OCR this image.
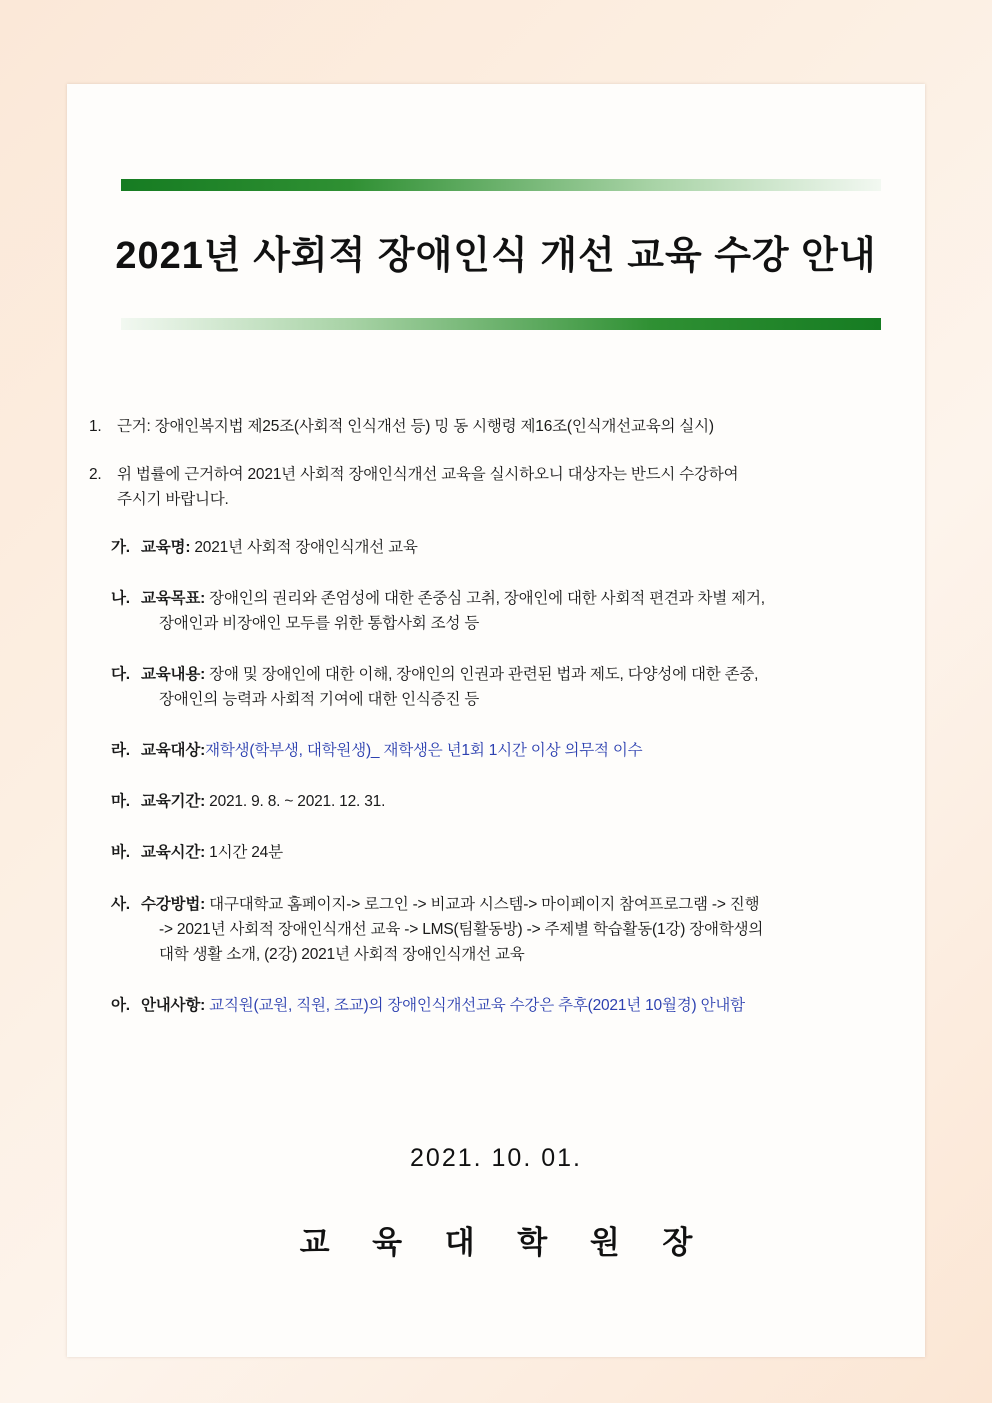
2021년 사회적 장애인식 개선 교육 수강 안내
1. 근거: 장애인복지법 제25조(사회적 인식개선 등) 밍 동 시행령 제16조(인식개선교육의 실시)
2. 위 법률에 근거하여 2021년 사회적 장애인식개선 교육을 실시하오니 대상자는 반드시 수강하여
주시기 바랍니다.
가. 교육명: 2021년 사회적 장애인식개선 교육
나. 교육목표: 장애인의 권리와 존엄성에 대한 존중심 고취, 장애인에 대한 사회적 편견과 차별 제거,
장애인과 비장애인 모두를 위한 통합사회 조성 등
다. 교육내용: 장애 및 장애인에 대한 이해, 장애인의 인권과 관련된 법과 제도, 다양성에 대한 존중,
장애인의 능력과 사회적 기여에 대한 인식증진 등
라. 교육대상:재학생(학부생, 대학원생)_ 재학생은 년1회 1시간 이상 의무적 이수
마. 교육기간: 2021. 9. 8. ~ 2021. 12. 31.
바. 교육시간: 1시간 24분
사. 수강방법: 대구대학교 홈페이지-> 로그인 -> 비교과 시스템-> 마이페이지 참여프로그램 -> 진행
-> 2021년 사회적 장애인식개선 교육 -> LMS(팀활동방) -> 주제별 학습활동(1강) 장애학생의
대학 생활 소개, (2강) 2021년 사회적 장애인식개선 교육
아. 안내사항: 교직원(교원, 직원, 조교)의 장애인식개선교육 수강은 추후(2021년 10월경) 안내함
2021. 10. 01.
교 육 대 학 원 장
